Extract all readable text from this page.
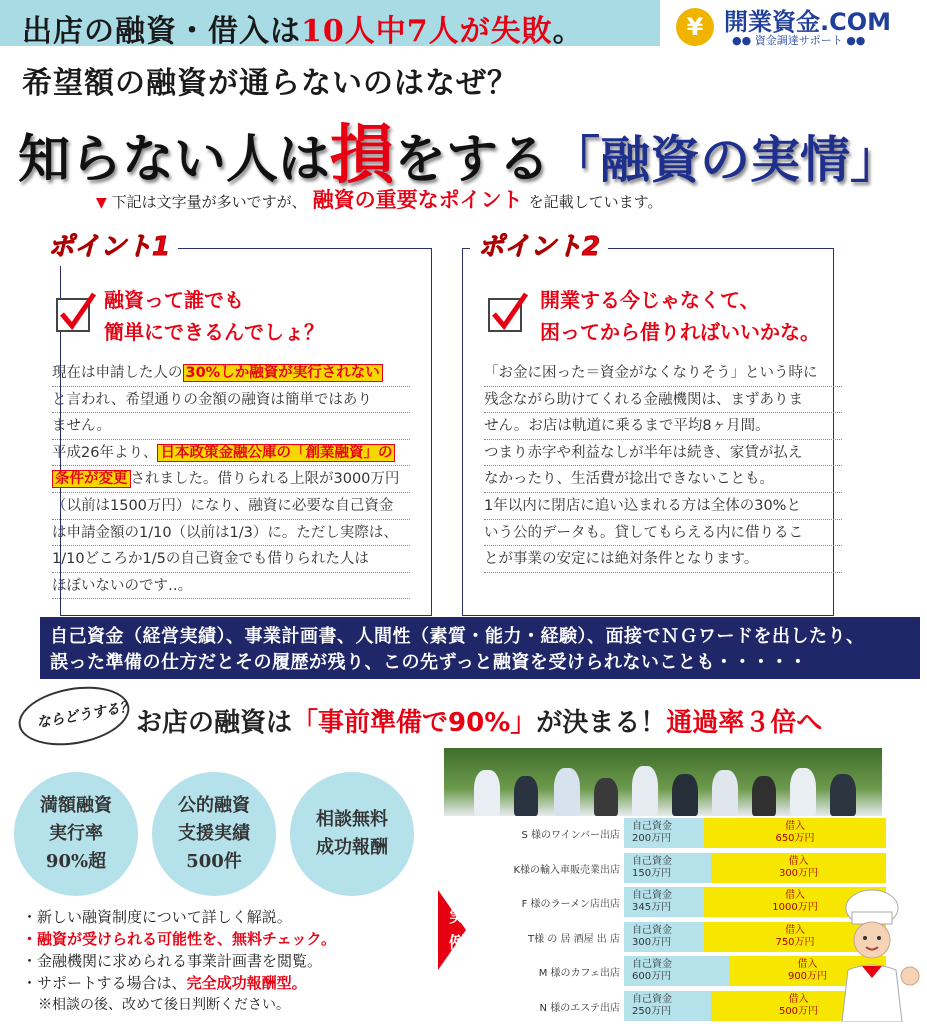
出店の融資・借入は10人中7人が失敗。
希望額の融資が通らないのはなぜ？
知らない人は損をする「融資の実情」
¥ 開業資金.COM
●● 資金調達サポート ●●
▼ 下記は文字量が多いですが、 融資の重要なポイント を記載しています。
ポイント1
融資って誰でも
簡単にできるんでしょ？
現在は申請した人の 30%しか融資が実行されない
と言われ、希望通りの金額の融資は簡単ではあり
ません。
平成26年より、 日本政策金融公庫の「創業融資」の
条件が変更 されました。借りられる上限が3000万円
（以前は1500万円）になり、融資に必要な自己資金
は申請金額の1/10（以前は1/3）に。ただし実際は、
1/10どころか1/5の自己資金でも借りられた人は
ほぼいないのです‥。
ポイント2
開業する今じゃなくて、
困ってから借りればいいかな。
「お金に困った＝資金がなくなりそう」という時に
残念ながら助けてくれる金融機関は、まずありま
せん。お店は軌道に乗るまで平均8ヶ月間。
つまり赤字や利益なしが半年は続き、家賃が払え
なかったり、生活費が捻出できないことも。
1年以内に閉店に追い込まれる方は全体の30%と
いう公的データも。貸してもらえる内に借りるこ
とが事業の安定には絶対条件となります。
自己資金（経営実績）、事業計画書、人間性（素質・能力・経験）、面接でＮＧワードを出したり、
誤った準備の仕方だとその履歴が残り、この先ずっと融資を受けられないことも・・・・・
ならどうする？ お店の融資は「事前準備で90%」が決まる！通過率３倍へ
満額融資
実行率
90%超
公的融資
支援実績
500件
相談無料
成功報酬
・新しい融資制度について詳しく解説。
・融資が受けられる可能性を、無料チェック。
・金融機関に求められる事業計画書を閲覧。
・サポートする場合は、完全成功報酬型。
※相談の後、改めて後日判断ください。
実
例
S 様のワインバー出店
自己資金
200万円
借入
650万円
K様の輸入車販売業出店
自己資金
150万円
借入
300万円
F 様のラーメン店出店
自己資金
345万円
借入
1000万円
T様 の 居 酒屋 出 店
自己資金
300万円
借入
750万円
M 様のカフェ出店
自己資金
600万円
借入
900万円
N 様のエステ出店
自己資金
250万円
借入
500万円
